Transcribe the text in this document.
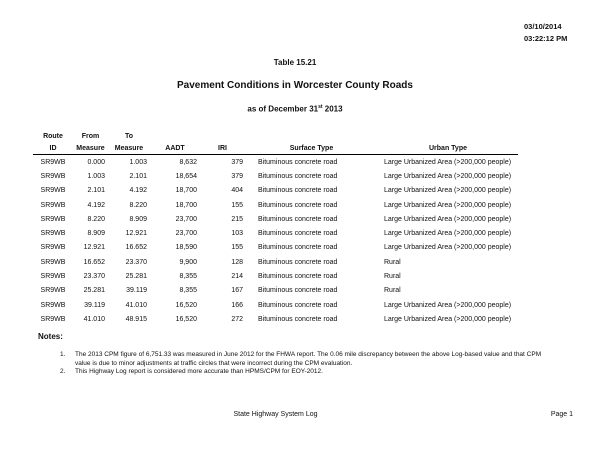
03/10/2014
03:22:12 PM
Table 15.21
Pavement Conditions in Worcester County Roads
as of December 31st 2013
Route	From	To				
ID	Measure	Measure	AADT	IRI	Surface Type	Urban Type
SR9WB	0.000	1.003	8,632	379	Bituminous concrete road	Large Urbanized Area (>200,000 people)
SR9WB	1.003	2.101	18,654	379	Bituminous concrete road	Large Urbanized Area (>200,000 people)
SR9WB	2.101	4.192	18,700	404	Bituminous concrete road	Large Urbanized Area (>200,000 people)
SR9WB	4.192	8.220	18,700	155	Bituminous concrete road	Large Urbanized Area (>200,000 people)
SR9WB	8.220	8.909	23,700	215	Bituminous concrete road	Large Urbanized Area (>200,000 people)
SR9WB	8.909	12.921	23,700	103	Bituminous concrete road	Large Urbanized Area (>200,000 people)
SR9WB	12.921	16.652	18,590	155	Bituminous concrete road	Large Urbanized Area (>200,000 people)
SR9WB	16.652	23.370	9,900	128	Bituminous concrete road	Rural
SR9WB	23.370	25.281	8,355	214	Bituminous concrete road	Rural
SR9WB	25.281	39.119	8,355	167	Bituminous concrete road	Rural
SR9WB	39.119	41.010	16,520	166	Bituminous concrete road	Large Urbanized Area (>200,000 people)
SR9WB	41.010	48.915	16,520	272	Bituminous concrete road	Large Urbanized Area (>200,000 people)
Notes:
1.	The 2013 CPM figure of 6,751.33 was measured in June 2012 for the FHWA report. The 0.06 mile discrepancy between the above Log-based value and that CPM value is due to minor adjustments at traffic circles that were incorrect during the CPM evaluation.
2.	This Highway Log report is considered more accurate than HPMS/CPM for EOY-2012.
State Highway System Log	Page 1
